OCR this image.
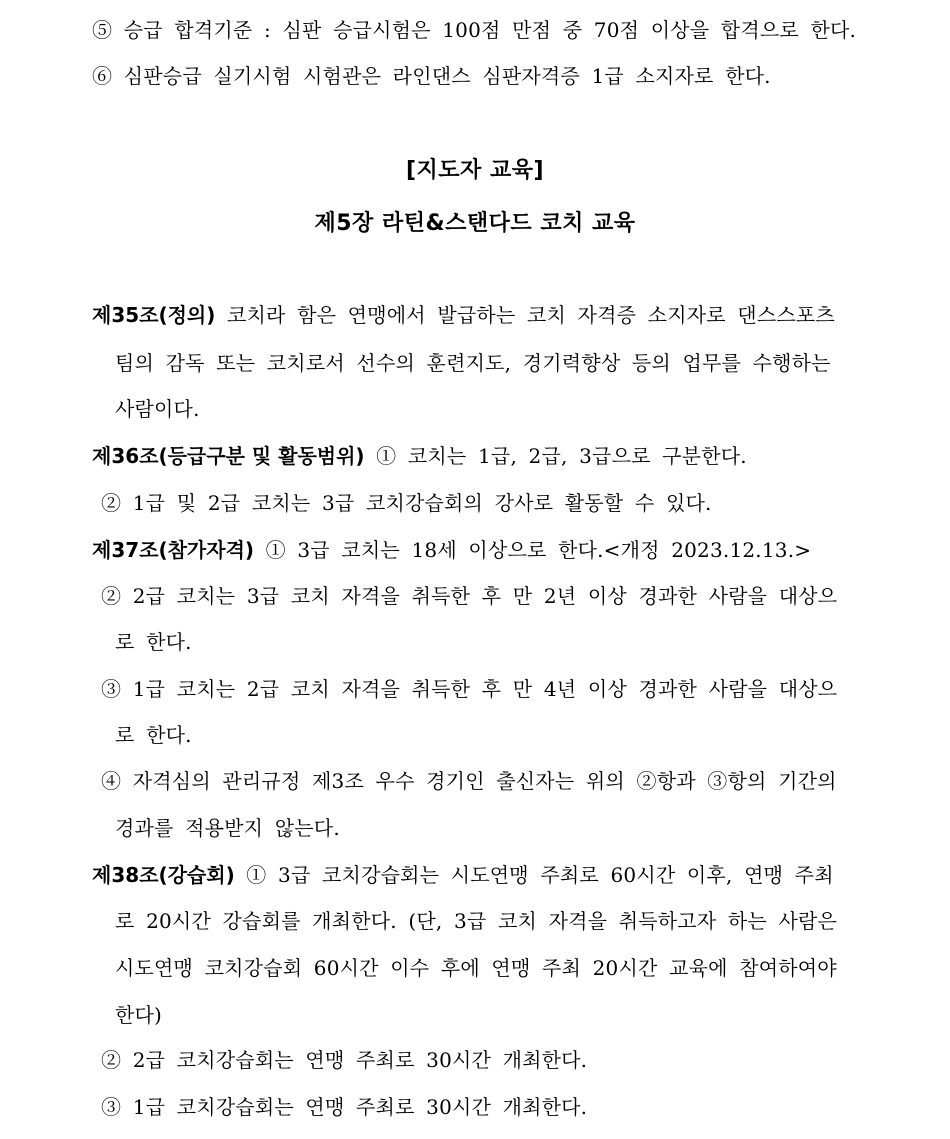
⑤ 승급 합격기준 : 심판 승급시험은 100점 만점 중 70점 이상을 합격으로 한다.
⑥ 심판승급 실기시험 시험관은 라인댄스 심판자격증 1급 소지자로 한다.
[지도자 교육]
제5장 라틴&스탠다드 코치 교육
제35조(정의) 코치라 함은 연맹에서 발급하는 코치 자격증 소지자로 댄스스포츠
팀의 감독 또는 코치로서 선수의 훈련지도, 경기력향상 등의 업무를 수행하는
사람이다.
제36조(등급구분 및 활동범위) ① 코치는 1급, 2급, 3급으로 구분한다.
② 1급 및 2급 코치는 3급 코치강습회의 강사로 활동할 수 있다.
제37조(참가자격) ① 3급 코치는 18세 이상으로 한다.<개정 2023.12.13.>
② 2급 코치는 3급 코치 자격을 취득한 후 만 2년 이상 경과한 사람을 대상으
로 한다.
③ 1급 코치는 2급 코치 자격을 취득한 후 만 4년 이상 경과한 사람을 대상으
로 한다.
④ 자격심의 관리규정 제3조 우수 경기인 출신자는 위의 ②항과 ③항의 기간의
경과를 적용받지 않는다.
제38조(강습회) ① 3급 코치강습회는 시도연맹 주최로 60시간 이후, 연맹 주최
로 20시간 강습회를 개최한다. (단, 3급 코치 자격을 취득하고자 하는 사람은
시도연맹 코치강습회 60시간 이수 후에 연맹 주최 20시간 교육에 참여하여야
한다)
② 2급 코치강습회는 연맹 주최로 30시간 개최한다.
③ 1급 코치강습회는 연맹 주최로 30시간 개최한다.
